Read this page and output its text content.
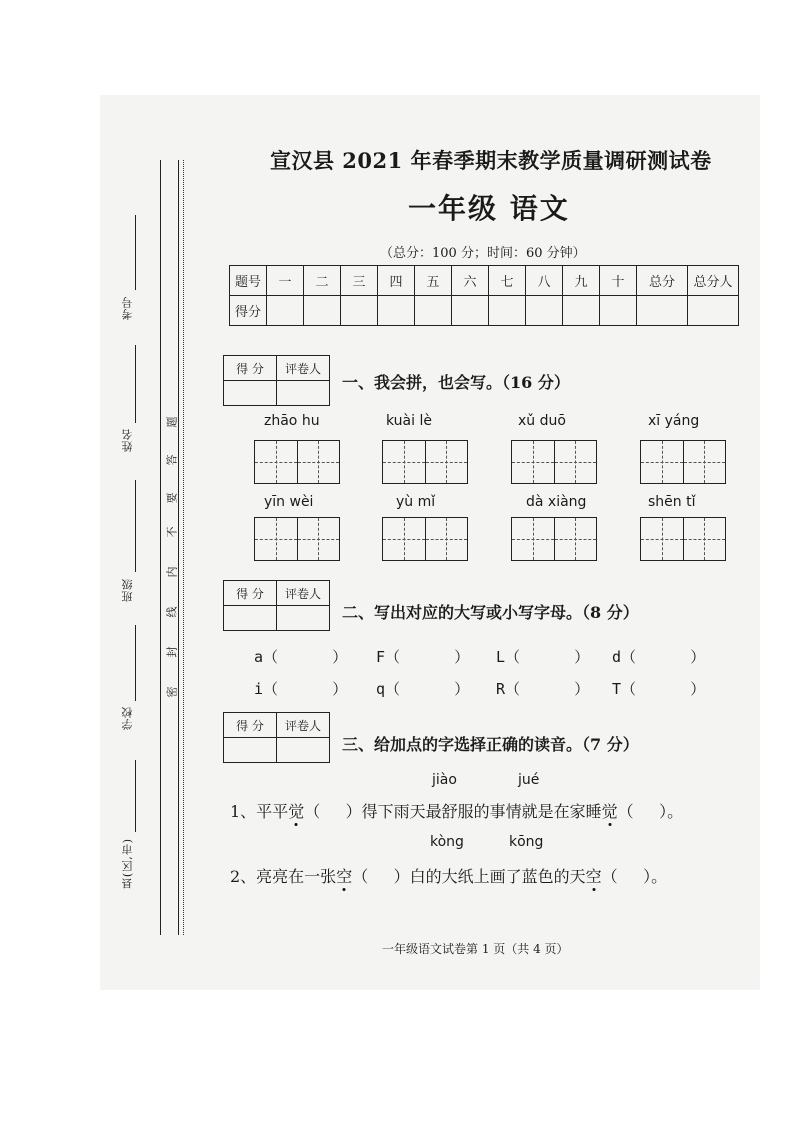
考号
姓名
班级
学校
县(区,市)
密
封
线
内
不
要
答
题
宣汉县 2021 年春季期末教学质量调研测试卷
一年级 语文
（总分：100 分；时间：60 分钟）
题号	一	二	三	四	五	六	七	八	九	十	总分	总分人
得分												
得 分	评卷人

一、我会拼，也会写。（16 分）
zhāo hu	kuài lè	xǔ duō	xī yáng
yīn wèi	yù mǐ	dà xiàng	shēn tǐ
得 分	评卷人

二、写出对应的大写或小写字母。（8 分）
a（      ） F（      ） L（      ） d（      ）
i（      ） q（      ） R（      ） T（      ）
得 分	评卷人

三、给加点的字选择正确的读音。（7 分）
jiào	jué
1、平平觉（     ）得下雨天最舒服的事情就是在家睡觉（     ）。
kòng	kōng
2、亮亮在一张空（     ）白的大纸上画了蓝色的天空（     ）。
一年级语文试卷第 1 页（共 4 页）
